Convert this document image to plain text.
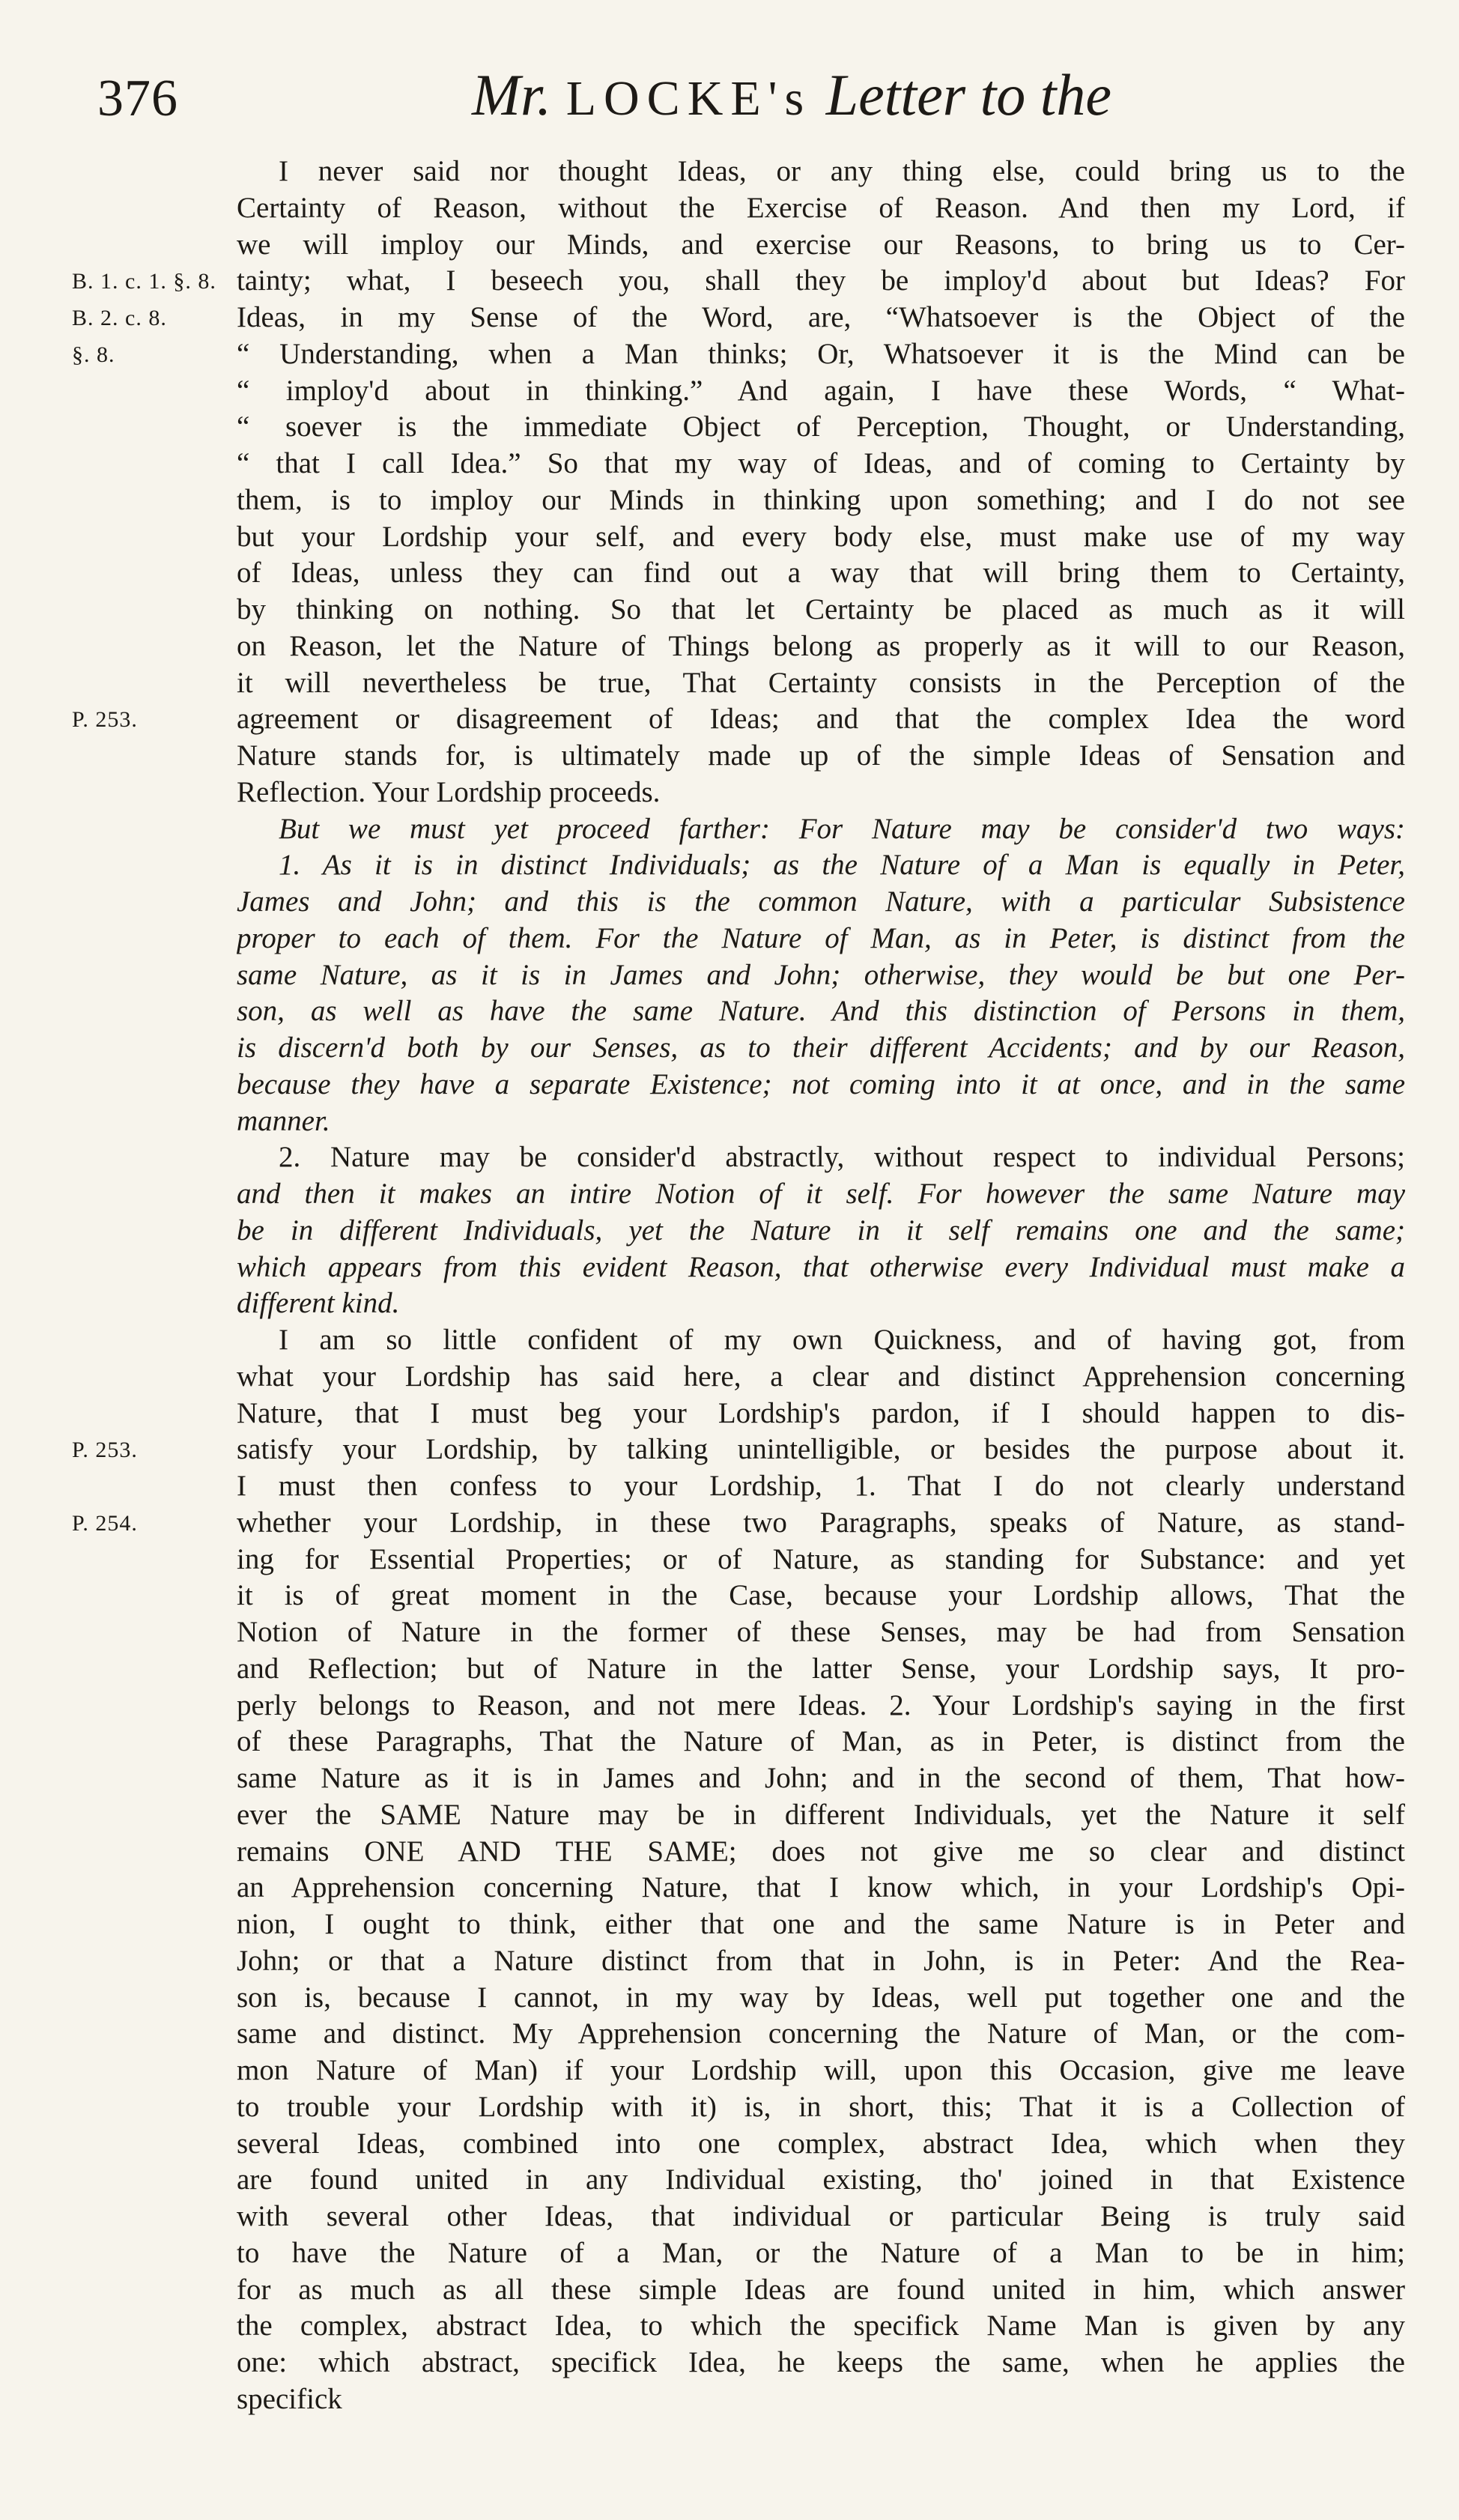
376	Mr. LOCKE's Letter to the
B. 1. c. 1. §. 8.
B. 2. c. 8.
§. 8.
P. 253.
P. 253.
P. 254.
I never said nor thought Ideas, or any thing else, could bring us to the
Certainty of Reason, without the Exercise of Reason. And then my Lord, if
we will imploy our Minds, and exercise our Reasons, to bring us to Cer-
tainty; what, I beseech you, shall they be imploy'd about but Ideas? For
Ideas, in my Sense of the Word, are, “Whatsoever is the Object of the
“ Understanding, when a Man thinks; Or, Whatsoever it is the Mind can be
“ imploy'd about in thinking.” And again, I have these Words, “ What-
“ soever is the immediate Object of Perception, Thought, or Understanding,
“ that I call Idea.” So that my way of Ideas, and of coming to Certainty by
them, is to imploy our Minds in thinking upon something; and I do not see
but your Lordship your self, and every body else, must make use of my way
of Ideas, unless they can find out a way that will bring them to Certainty,
by thinking on nothing. So that let Certainty be placed as much as it will
on Reason, let the Nature of Things belong as properly as it will to our Reason,
it will nevertheless be true, That Certainty consists in the Perception of the
agreement or disagreement of Ideas; and that the complex Idea the word
Nature stands for, is ultimately made up of the simple Ideas of Sensation and
Reflection. Your Lordship proceeds.
But we must yet proceed farther: For Nature may be consider'd two ways:
1. As it is in distinct Individuals; as the Nature of a Man is equally in Peter,
James and John; and this is the common Nature, with a particular Subsistence
proper to each of them. For the Nature of Man, as in Peter, is distinct from the
same Nature, as it is in James and John; otherwise, they would be but one Per-
son, as well as have the same Nature. And this distinction of Persons in them,
is discern'd both by our Senses, as to their different Accidents; and by our Reason,
because they have a separate Existence; not coming into it at once, and in the same
manner.
2. Nature may be consider'd abstractly, without respect to individual Persons;
and then it makes an intire Notion of it self. For however the same Nature may
be in different Individuals, yet the Nature in it self remains one and the same;
which appears from this evident Reason, that otherwise every Individual must make a
different kind.
I am so little confident of my own Quickness, and of having got, from
what your Lordship has said here, a clear and distinct Apprehension concerning
Nature, that I must beg your Lordship's pardon, if I should happen to dis-
satisfy your Lordship, by talking unintelligible, or besides the purpose about it.
I must then confess to your Lordship, 1. That I do not clearly understand
whether your Lordship, in these two Paragraphs, speaks of Nature, as stand-
ing for Essential Properties; or of Nature, as standing for Substance: and yet
it is of great moment in the Case, because your Lordship allows, That the
Notion of Nature in the former of these Senses, may be had from Sensation
and Reflection; but of Nature in the latter Sense, your Lordship says, It pro-
perly belongs to Reason, and not mere Ideas. 2. Your Lordship's saying in the first
of these Paragraphs, That the Nature of Man, as in Peter, is distinct from the
same Nature as it is in James and John; and in the second of them, That how-
ever the SAME Nature may be in different Individuals, yet the Nature it self
remains ONE AND THE SAME; does not give me so clear and distinct
an Apprehension concerning Nature, that I know which, in your Lordship's Opi-
nion, I ought to think, either that one and the same Nature is in Peter and
John; or that a Nature distinct from that in John, is in Peter: And the Rea-
son is, because I cannot, in my way by Ideas, well put together one and the
same and distinct. My Apprehension concerning the Nature of Man, or the com-
mon Nature of Man) if your Lordship will, upon this Occasion, give me leave
to trouble your Lordship with it) is, in short, this; That it is a Collection of
several Ideas, combined into one complex, abstract Idea, which when they
are found united in any Individual existing, tho' joined in that Existence
with several other Ideas, that individual or particular Being is truly said
to have the Nature of a Man, or the Nature of a Man to be in him;
for as much as all these simple Ideas are found united in him, which answer
the complex, abstract Idea, to which the specifick Name Man is given by any
one: which abstract, specifick Idea, he keeps the same, when he applies the
specifick
